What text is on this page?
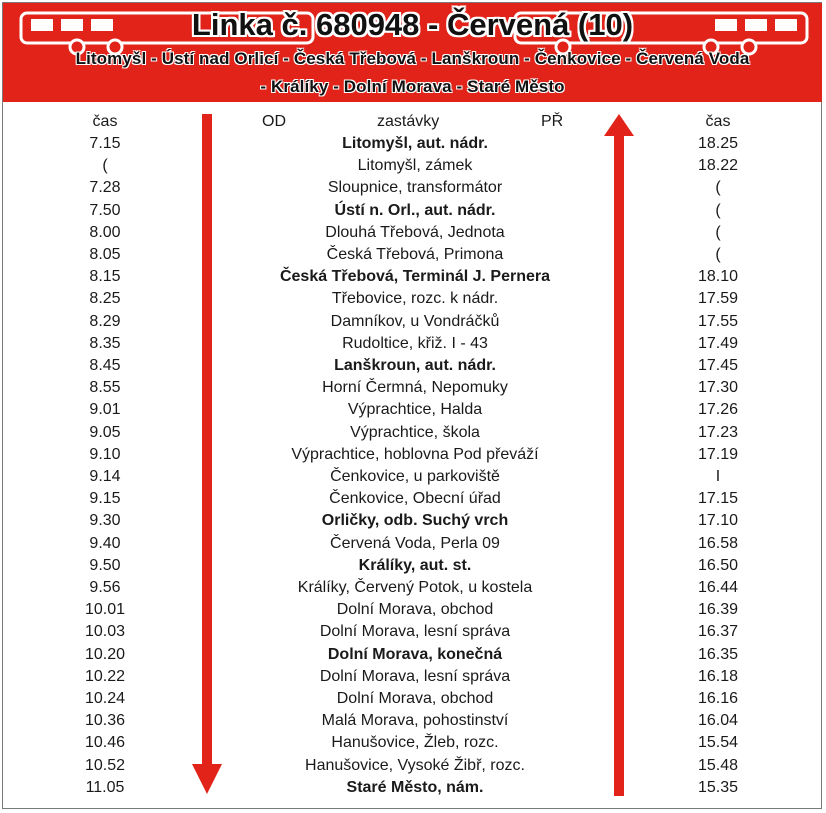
Linka č. 680948 - Červená (10)
Litomyšl - Ústí nad Orlicí - Česká Třebová - Lanškroun - Čenkovice - Červená Voda
- Králíky - Dolní Morava - Staré Město
čas	OD	zastávky	PŘ	čas
7.15	Litomyšl, aut. nádr.	18.25
(	Litomyšl, zámek	18.22
7.28	Sloupnice, transformátor	(
7.50	Ústí n. Orl., aut. nádr.	(
8.00	Dlouhá Třebová, Jednota	(
8.05	Česká Třebová, Primona	(
8.15	Česká Třebová, Terminál J. Pernera	18.10
8.25	Třebovice, rozc. k nádr.	17.59
8.29	Damníkov, u Vondráčků	17.55
8.35	Rudoltice, křiž. I - 43	17.49
8.45	Lanškroun, aut. nádr.	17.45
8.55	Horní Čermná, Nepomuky	17.30
9.01	Výprachtice, Halda	17.26
9.05	Výprachtice, škola	17.23
9.10	Výprachtice, hoblovna Pod převáží	17.19
9.14	Čenkovice, u parkoviště	I
9.15	Čenkovice, Obecní úřad	17.15
9.30	Orličky, odb. Suchý vrch	17.10
9.40	Červená Voda, Perla 09	16.58
9.50	Králíky, aut. st.	16.50
9.56	Králíky, Červený Potok, u kostela	16.44
10.01	Dolní Morava, obchod	16.39
10.03	Dolní Morava, lesní správa	16.37
10.20	Dolní Morava, konečná	16.35
10.22	Dolní Morava, lesní správa	16.18
10.24	Dolní Morava, obchod	16.16
10.36	Malá Morava, pohostinství	16.04
10.46	Hanušovice, Žleb, rozc.	15.54
10.52	Hanušovice, Vysoké Žibř, rozc.	15.48
11.05	Staré Město, nám.	15.35
